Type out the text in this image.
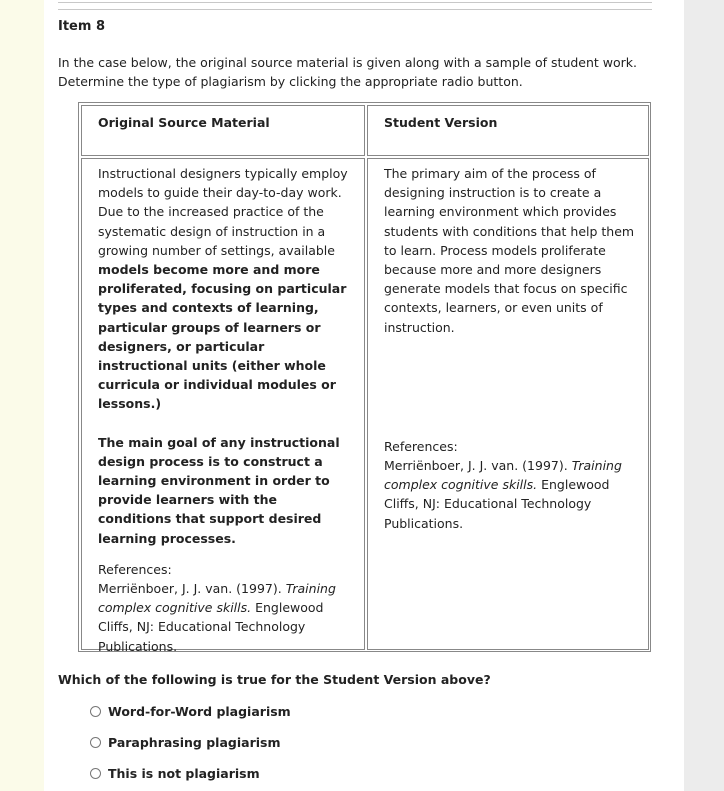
Item 8
In the case below, the original source material is given along with a sample of student work. Determine the type of plagiarism by clicking the appropriate radio button.
Original Source Material	Student Version

Instructional designers typically employ models to guide their day-to-day work. Due to the increased practice of the systematic design of instruction in a growing number of settings, available models become more and more proliferated, focusing on particular types and contexts of learning, particular groups of learners or designers, or particular instructional units (either whole curricula or individual modules or lessons.)

The main goal of any instructional design process is to construct a learning environment in order to provide learners with the conditions that support desired learning processes.

References:

Merriënboer, J. J. van. (1997). Training complex cognitive skills. Englewood Cliffs, NJ: Educational Technology Publications.

The primary aim of the process of designing instruction is to create a learning environment which provides students with conditions that help them to learn. Process models proliferate because more and more designers generate models that focus on specific contexts, learners, or even units of instruction.

References:

Merriënboer, J. J. van. (1997). Training complex cognitive skills. Englewood Cliffs, NJ: Educational Technology Publications.

Which of the following is true for the Student Version above?
Word-for-Word plagiarism
Paraphrasing plagiarism
This is not plagiarism
